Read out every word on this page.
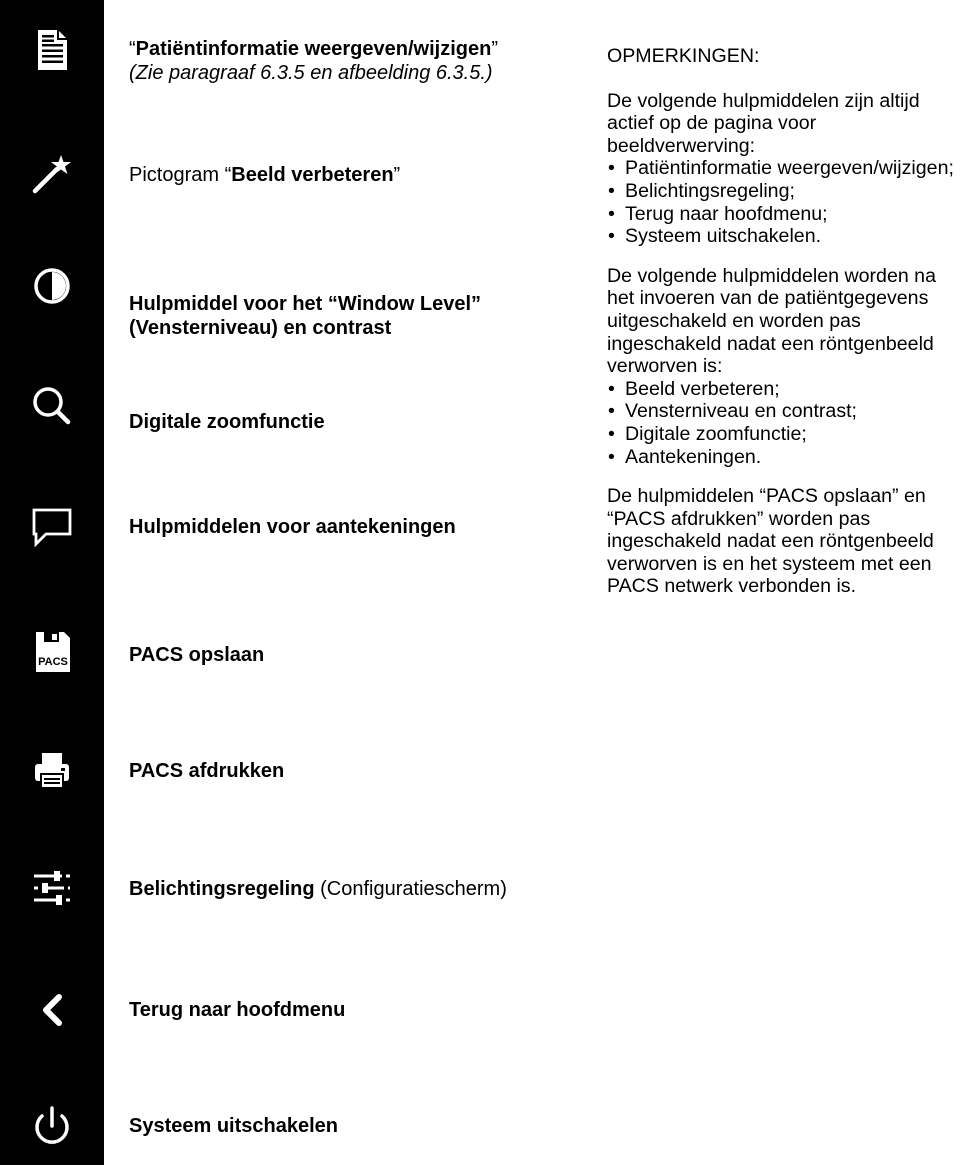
PACS
“Patiëntinformatie weergeven/wijzigen”
(Zie paragraaf 6.3.5 en afbeelding 6.3.5.)
Pictogram “Beeld verbeteren”
Hulpmiddel voor het “Window Level”
(Vensterniveau) en contrast
Digitale zoomfunctie
Hulpmiddelen voor aantekeningen
PACS opslaan
PACS afdrukken
Belichtingsregeling (Configuratiescherm)
Terug naar hoofdmenu
Systeem uitschakelen

OPMERKINGEN:

De volgende hulpmiddelen zijn altijd actief op de pagina voor beeldverwerving:

• Patiëntinformatie weergeven/wijzigen;
• Belichtingsregeling;
• Terug naar hoofdmenu;
• Systeem uitschakelen.

De volgende hulpmiddelen worden na het invoeren van de patiëntgegevens uitgeschakeld en worden pas ingeschakeld nadat een röntgenbeeld verworven is:

• Beeld verbeteren;
• Vensterniveau en contrast;
• Digitale zoomfunctie;
• Aantekeningen.

De hulpmiddelen “PACS opslaan” en “PACS afdrukken” worden pas ingeschakeld nadat een röntgenbeeld verworven is en het systeem met een PACS netwerk verbonden is.
